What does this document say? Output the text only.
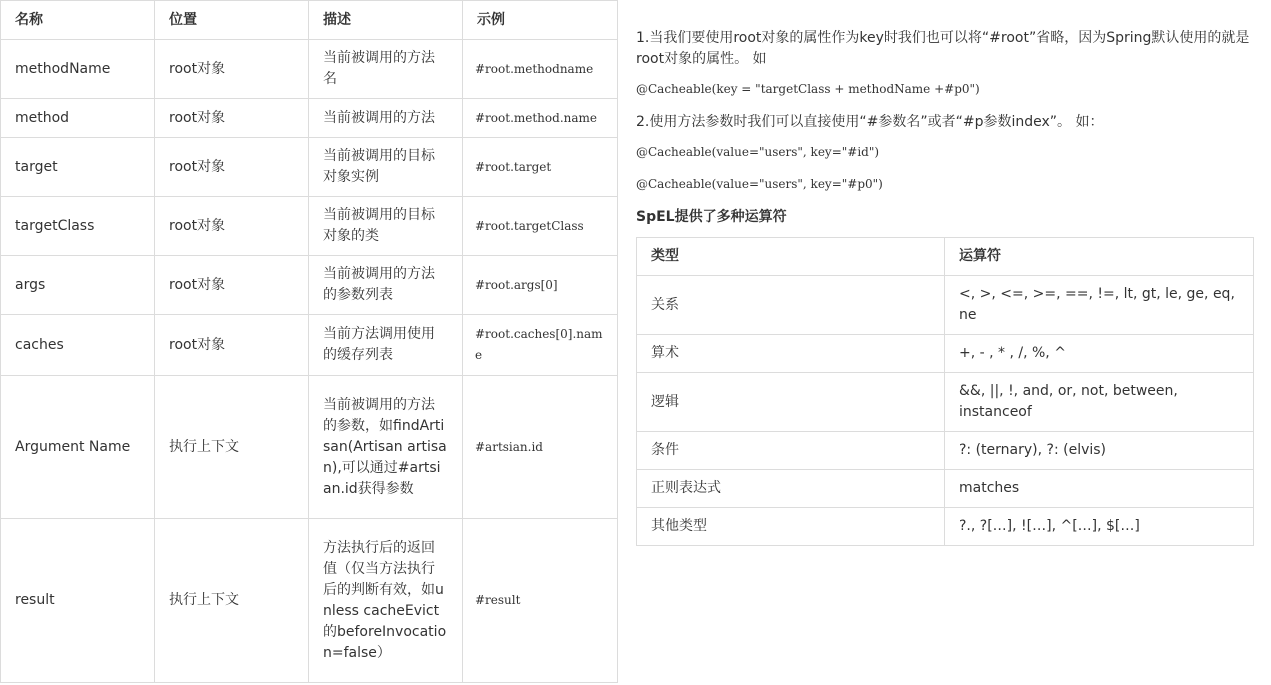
名称	位置	描述	示例
methodName	root对象	当前被调用的方法名	#root.methodname
method	root对象	当前被调用的方法	#root.method.name
target	root对象	当前被调用的目标对象实例	#root.target
targetClass	root对象	当前被调用的目标对象的类	#root.targetClass
args	root对象	当前被调用的方法的参数列表	#root.args[0]
caches	root对象	当前方法调用使用的缓存列表	#root.caches[0].name
Argument Name	执行上下文	当前被调用的方法的参数，如findArtisan(Artisan artisan),可以通过#artsian.id获得参数	#artsian.id
result	执行上下文	方法执行后的返回值（仅当方法执行后的判断有效，如unless cacheEvict的beforeInvocation=false）	#result

1.当我们要使用root对象的属性作为key时我们也可以将“#root”省略，因为Spring默认使用的就是root对象的属性。 如

@Cacheable(key = "targetClass + methodName +#p0")

2.使用方法参数时我们可以直接使用“#参数名”或者“#p参数index”。 如：

@Cacheable(value="users", key="#id")

@Cacheable(value="users", key="#p0")

SpEL提供了多种运算符

类型	运算符
关系	<, >, <=, >=, ==, !=, lt, gt, le, ge, eq, ne
算术	+, - , * , /, %, ^
逻辑	&&, ||, !, and, or, not, between, instanceof
条件	?: (ternary), ?: (elvis)
正则表达式	matches
其他类型	?., ?[…], ![…], ^[…], $[…]
